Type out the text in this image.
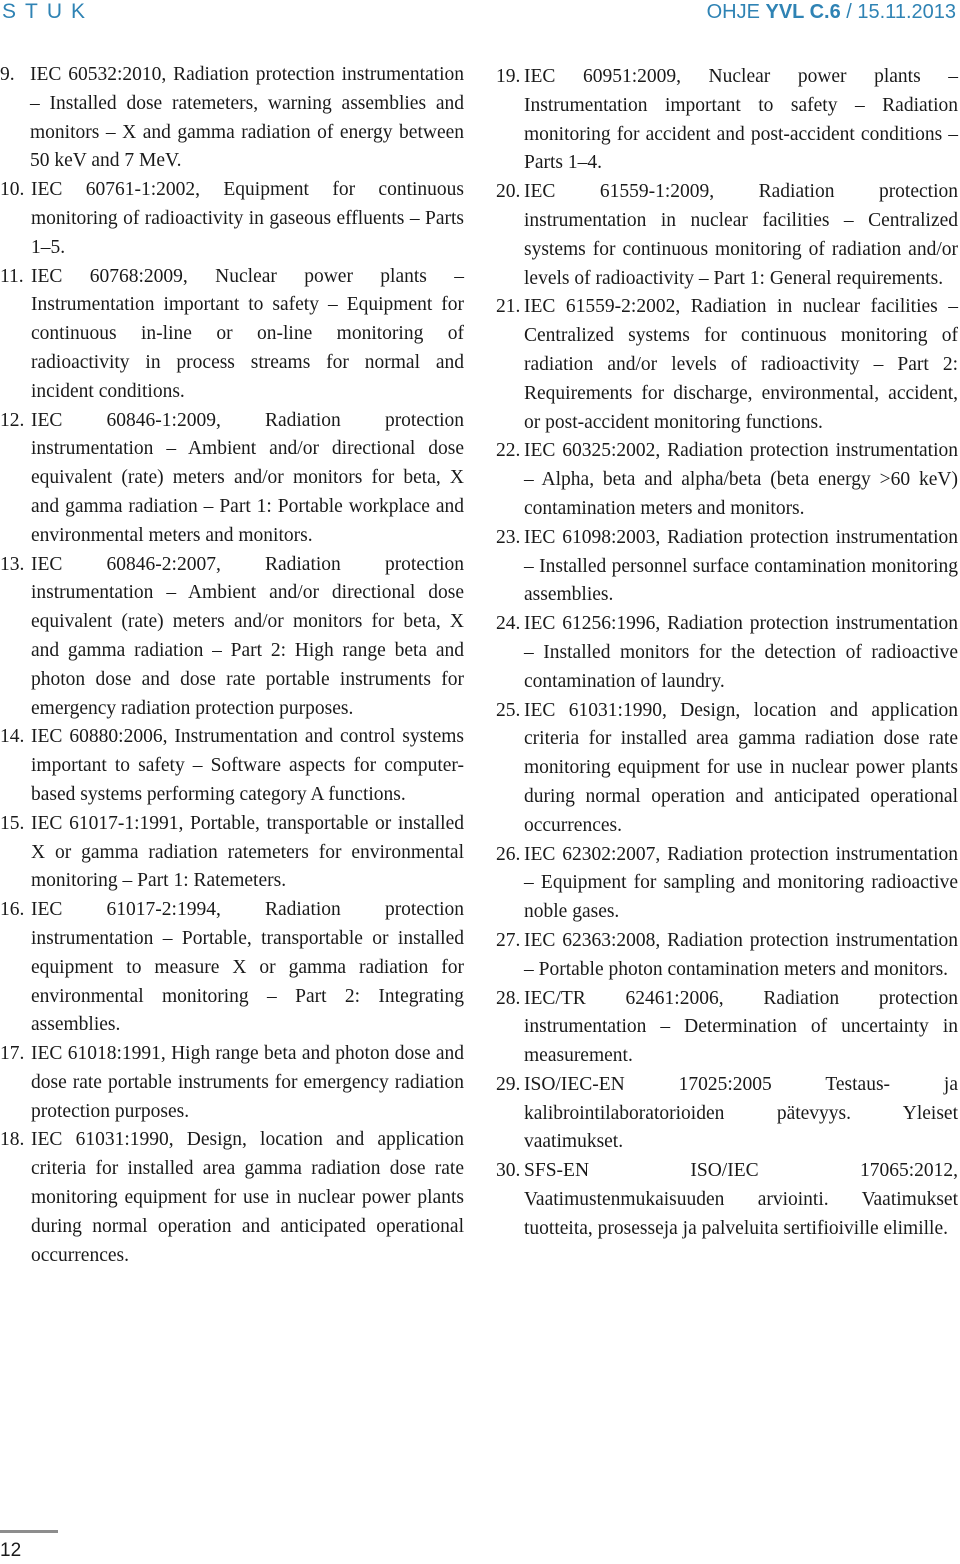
STUK	OHJE YVL C.6 / 15.11.2013
9. IEC 60532:2010, Radiation protection instrumentation – Installed dose ratemeters, warning assemblies and monitors – X and gamma radiation of energy between 50 keV and 7 MeV.
10. IEC 60761-1:2002, Equipment for continuous monitoring of radioactivity in gaseous effluents – Parts 1–5.
11. IEC 60768:2009, Nuclear power plants – Instrumentation important to safety – Equipment for continuous in-line or on-line monitoring of radioactivity in process streams for normal and incident conditions.
12. IEC 60846-1:2009, Radiation protection instrumentation – Ambient and/or directional dose equivalent (rate) meters and/or monitors for beta, X and gamma radiation – Part 1: Portable workplace and environmental meters and monitors.
13. IEC 60846-2:2007, Radiation protection instrumentation – Ambient and/or directional dose equivalent (rate) meters and/or monitors for beta, X and gamma radiation – Part 2: High range beta and photon dose and dose rate portable instruments for emergency radiation protection purposes.
14. IEC 60880:2006, Instrumentation and control systems important to safety – Software aspects for computer-based systems performing category A functions.
15. IEC 61017-1:1991, Portable, transportable or installed X or gamma radiation ratemeters for environmental monitoring – Part 1: Ratemeters.
16. IEC 61017-2:1994, Radiation protection instrumentation – Portable, transportable or installed equipment to measure X or gamma radiation for environmental monitoring – Part 2: Integrating assemblies.
17. IEC 61018:1991, High range beta and photon dose and dose rate portable instruments for emergency radiation protection purposes.
18. IEC 61031:1990, Design, location and application criteria for installed area gamma radiation dose rate monitoring equipment for use in nuclear power plants during normal operation and anticipated operational occurrences.
19. IEC 60951:2009, Nuclear power plants – Instrumentation important to safety – Radiation monitoring for accident and post-accident conditions – Parts 1–4.
20. IEC 61559-1:2009, Radiation protection instrumentation in nuclear facilities – Centralized systems for continuous monitoring of radiation and/or levels of radioactivity – Part 1: General requirements.
21. IEC 61559-2:2002, Radiation in nuclear facilities – Centralized systems for continuous monitoring of radiation and/or levels of radioactivity – Part 2: Requirements for discharge, environmental, accident, or post-accident monitoring functions.
22. IEC 60325:2002, Radiation protection instrumentation – Alpha, beta and alpha/beta (beta energy >60 keV) contamination meters and monitors.
23. IEC 61098:2003, Radiation protection instrumentation – Installed personnel surface contamination monitoring assemblies.
24. IEC 61256:1996, Radiation protection instrumentation – Installed monitors for the detection of radioactive contamination of laundry.
25. IEC 61031:1990, Design, location and application criteria for installed area gamma radiation dose rate monitoring equipment for use in nuclear power plants during normal operation and anticipated operational occurrences.
26. IEC 62302:2007, Radiation protection instrumentation – Equipment for sampling and monitoring radioactive noble gases.
27. IEC 62363:2008, Radiation protection instrumentation – Portable photon contamination meters and monitors.
28. IEC/TR 62461:2006, Radiation protection instrumentation – Determination of uncertainty in measurement.
29. ISO/IEC-EN 17025:2005 Testaus- ja kalibrointilaboratorioiden pätevyys. Yleiset vaatimukset.
30. SFS-EN ISO/IEC 17065:2012, Vaatimustenmukaisuuden arviointi. Vaatimukset tuotteita, prosesseja ja palveluita sertifioiville elimille.
12
